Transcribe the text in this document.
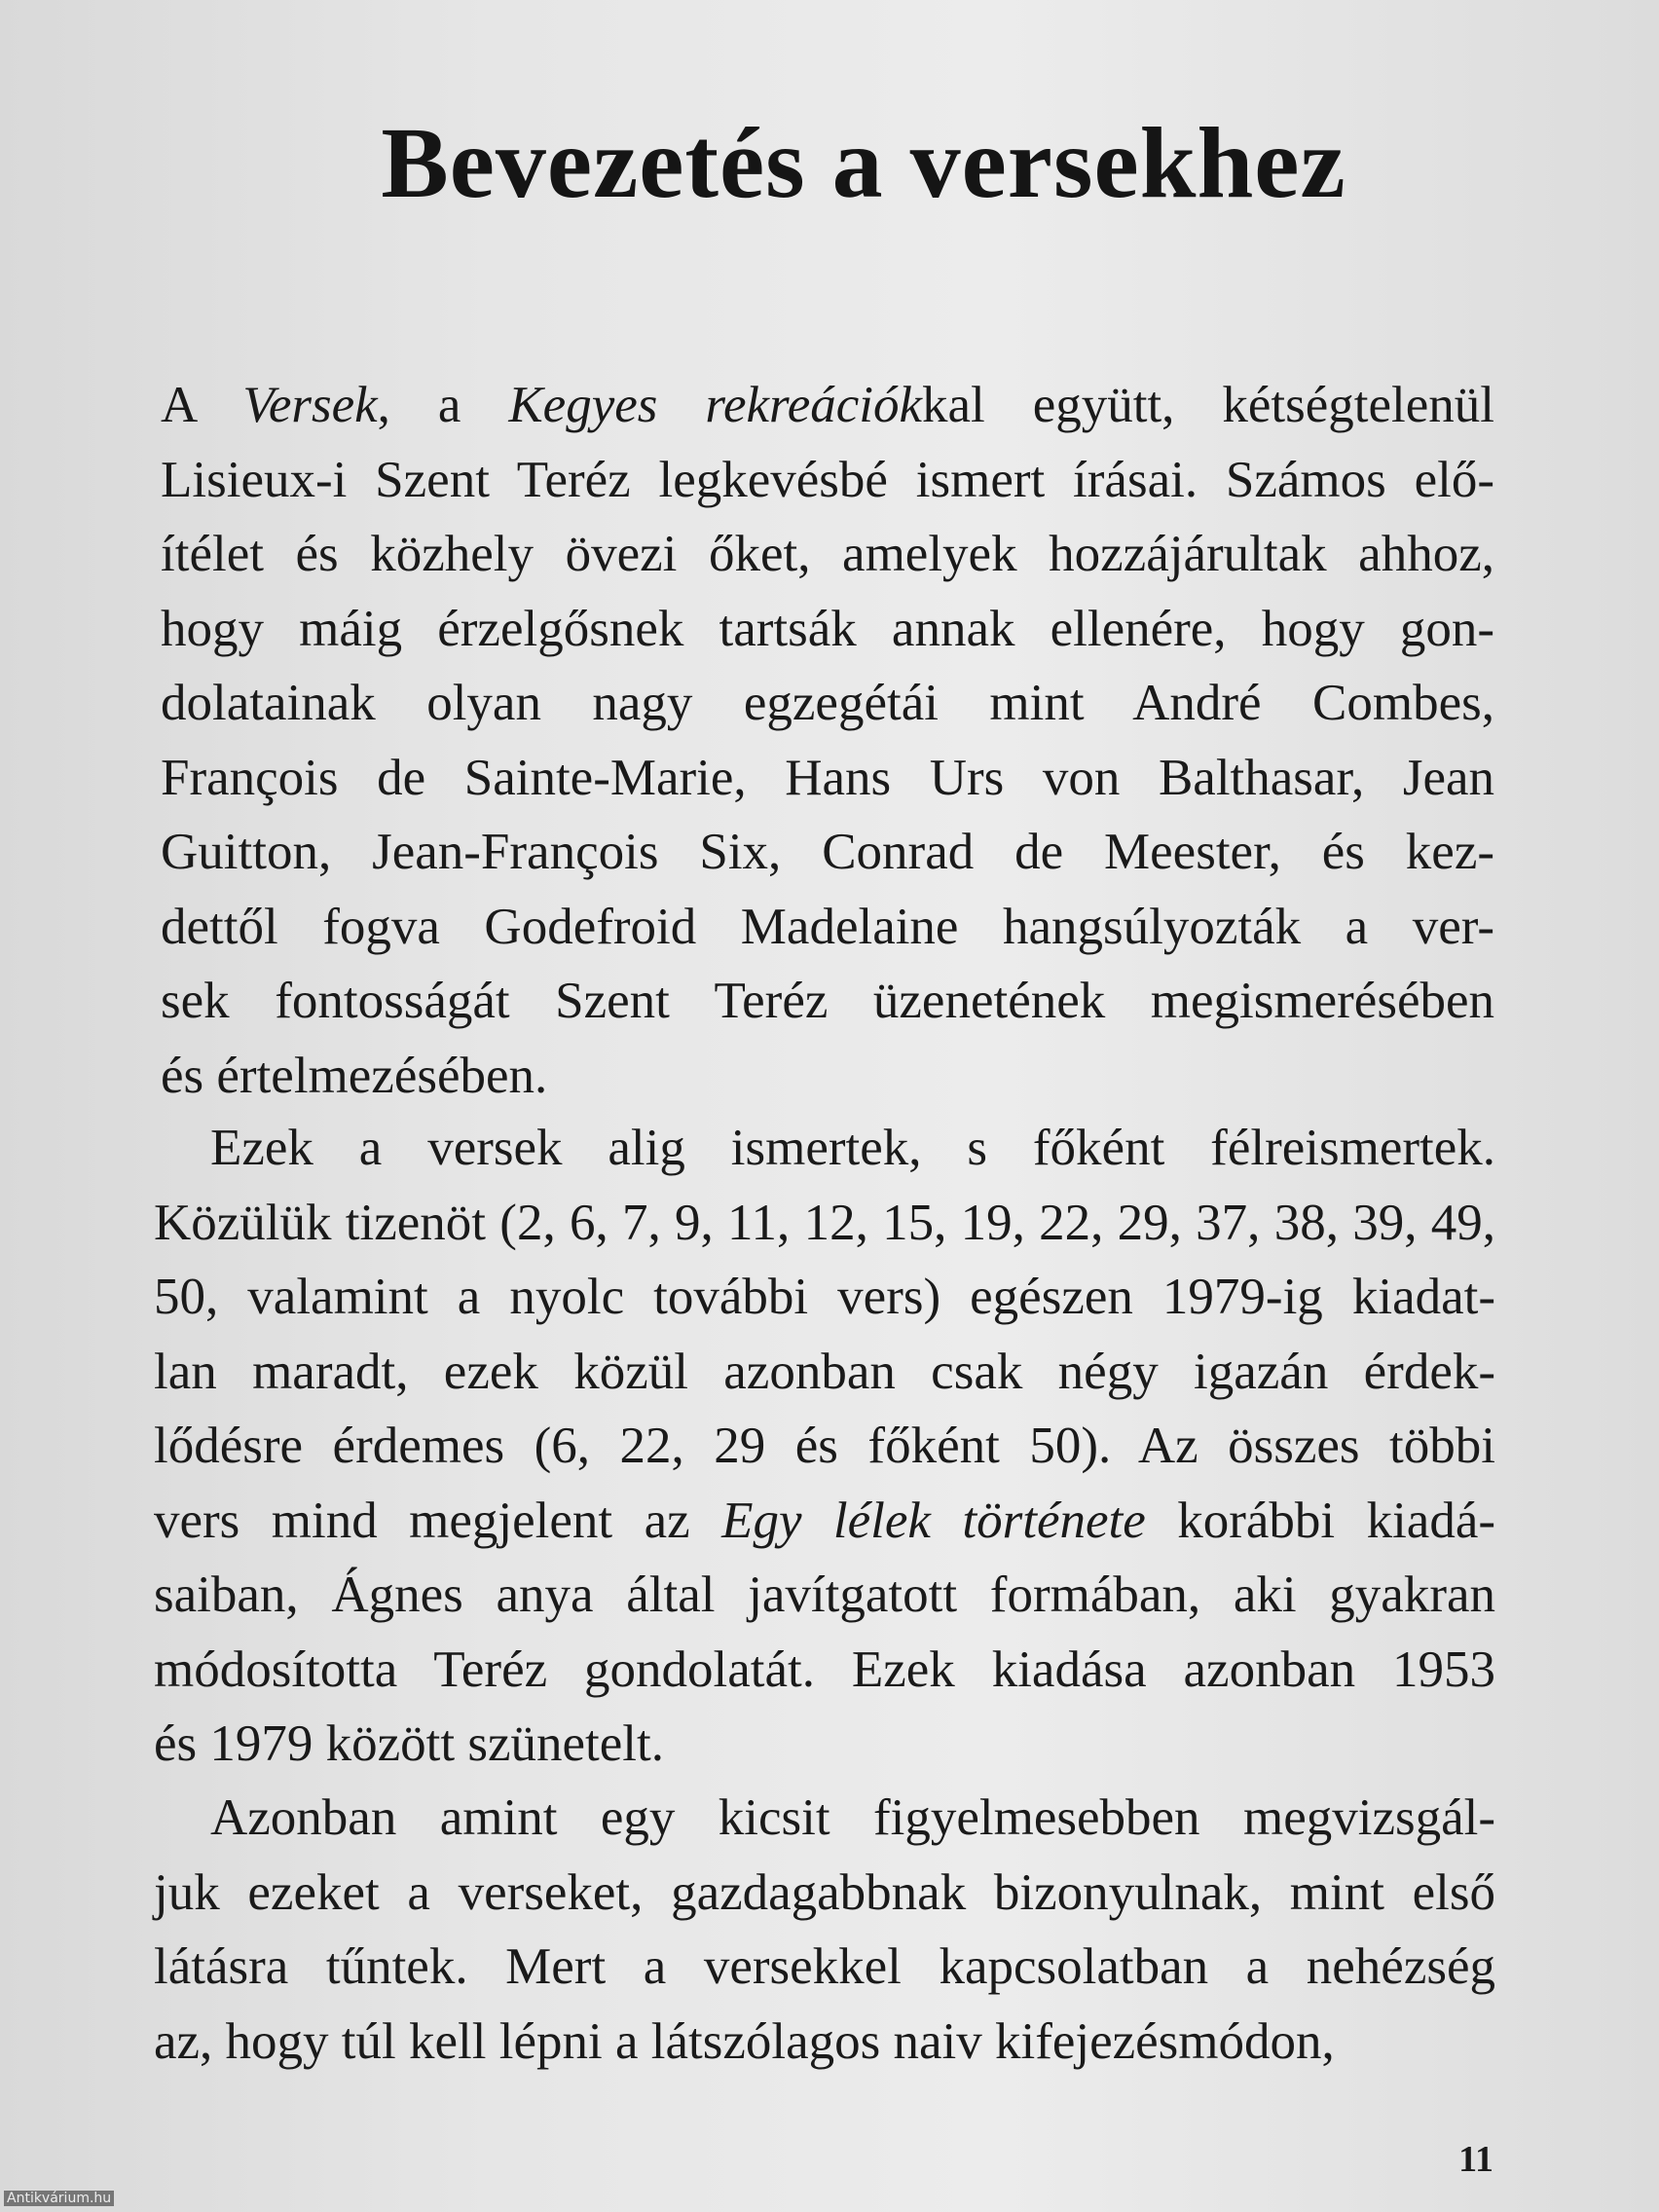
Bevezetés a versekhez

A Versek, a Kegyes rekreációkkal együtt, kétségtelenül
Lisieux-i Szent Teréz legkevésbé ismert írásai. Számos elő-
ítélet és közhely övezi őket, amelyek hozzájárultak ahhoz,
hogy máig érzelgősnek tartsák annak ellenére, hogy gon-
dolatainak olyan nagy egzegétái mint André Combes,
François de Sainte-Marie, Hans Urs von Balthasar, Jean
Guitton, Jean-François Six, Conrad de Meester, és kez-
dettől fogva Godefroid Madelaine hangsúlyozták a ver-
sek fontosságát Szent Teréz üzenetének megismerésében
és értelmezésében.

Ezek a versek alig ismertek, s főként félreismertek.
Közülük tizenöt (2, 6, 7, 9, 11, 12, 15, 19, 22, 29, 37, 38, 39, 49,
50, valamint a nyolc további vers) egészen 1979-ig kiadat-
lan maradt, ezek közül azonban csak négy igazán érdek-
lődésre érdemes (6, 22, 29 és főként 50). Az összes többi
vers mind megjelent az Egy lélek története korábbi kiadá-
saiban, Ágnes anya által javítgatott formában, aki gyakran
módosította Teréz gondolatát. Ezek kiadása azonban 1953
és 1979 között szünetelt.

Azonban amint egy kicsit figyelmesebben megvizsgál-
juk ezeket a verseket, gazdagabbnak bizonyulnak, mint első
látásra tűntek. Mert a versekkel kapcsolatban a nehézség
az, hogy túl kell lépni a látszólagos naiv kifejezésmódon,

11
Antikvárium.hu
